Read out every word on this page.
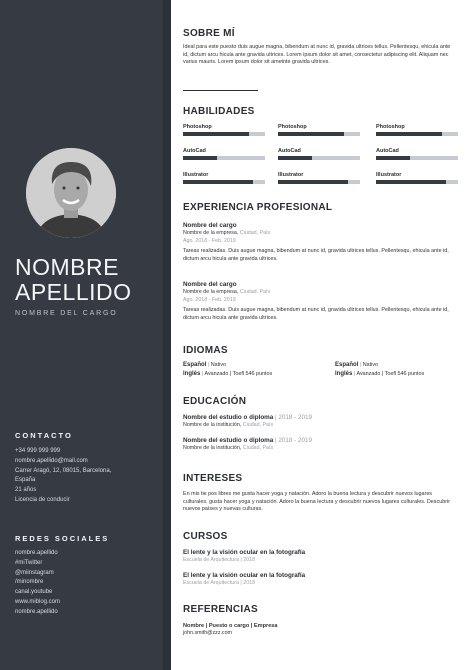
NOMBRE
APELLIDO
NOMBRE DEL CARGO
CONTACTO
+34 999 999 999
nombre.apellido@mail.com
Carrer Aragó, 12, 08015, Barcelona, España
21 años
Licencia de conducir
REDES SOCIALES
nombre.apellido
#miTwitter
@miinstagram
/minombre
canal.youtube
www.miblog.com
nombre.apellido
SOBRE MÍ
Ideal para este puesto duis augue magna, bibendum at nunc id, gravida ultrices tellus. Pellentesqu, ehicula ante id, dictum arcu hicula ante gravida ultrices. Lorem ipsum dolor sit amet, consectetur adipiscing elit. Aliquam nec varius mauris. Lorem ipsum dolor sit ametnte gravida ultrices.
HABILIDADES
Photoshop	Photoshop	Photoshop
AutoCad	AutoCad	AutoCad
Illustrator	Illustrator	Illustrator
EXPERIENCIA PROFESIONAL
Nombre del cargo
Nombre de la empresa, Ciudad, País
Ago. 2018 - Feb. 2019
Tareas realizadas. Duis augue magna, bibendum at nunc id, gravida ultrices tellus. Pellentesqu, ehicula ante id, dictum arcu hicula ante gravida ultrices.
Nombre del cargo
Nombre de la empresa, Ciudad, País
Ago. 2018 - Feb. 2019
Tareas realizadas. Duis augue magna, bibendum at nunc id, gravida ultrices tellus. Pellentesqu, ehicula ante id, dictum arcu hicula ante gravida ultrices.
IDIOMAS
Español | Nativo
Inglés | Avanzado | Toefl 546 puntos
Español | Nativo
Inglés | Avanzado | Toefl 546 puntos
EDUCACIÓN
Nombre del estudio o diploma | 2018 - 2019
Nombre de la institución, Ciudad, País
Nombre del estudio o diploma | 2018 - 2019
Nombre de la institución, Ciudad, País
INTERESES
En mis tie pos libres me gusta hacer yoga y natación. Adoro la buena lectura y descubrir nuevos lugares culturales. gusta hacer yoga y natación. Adoro la buena lectura y descubrir nuevos lugares culturales. Descubrir nuevos países y nuevas culturas.
CURSOS
El lente y la visión ocular en la fotografía
Escuela de Arquitectura | 2018
El lente y la visión ocular en la fotografía
Escuela de Arquitectura | 2018
REFERENCIAS
Nombre | Puesto o cargo | Empresa
john.smith@zzz.com
